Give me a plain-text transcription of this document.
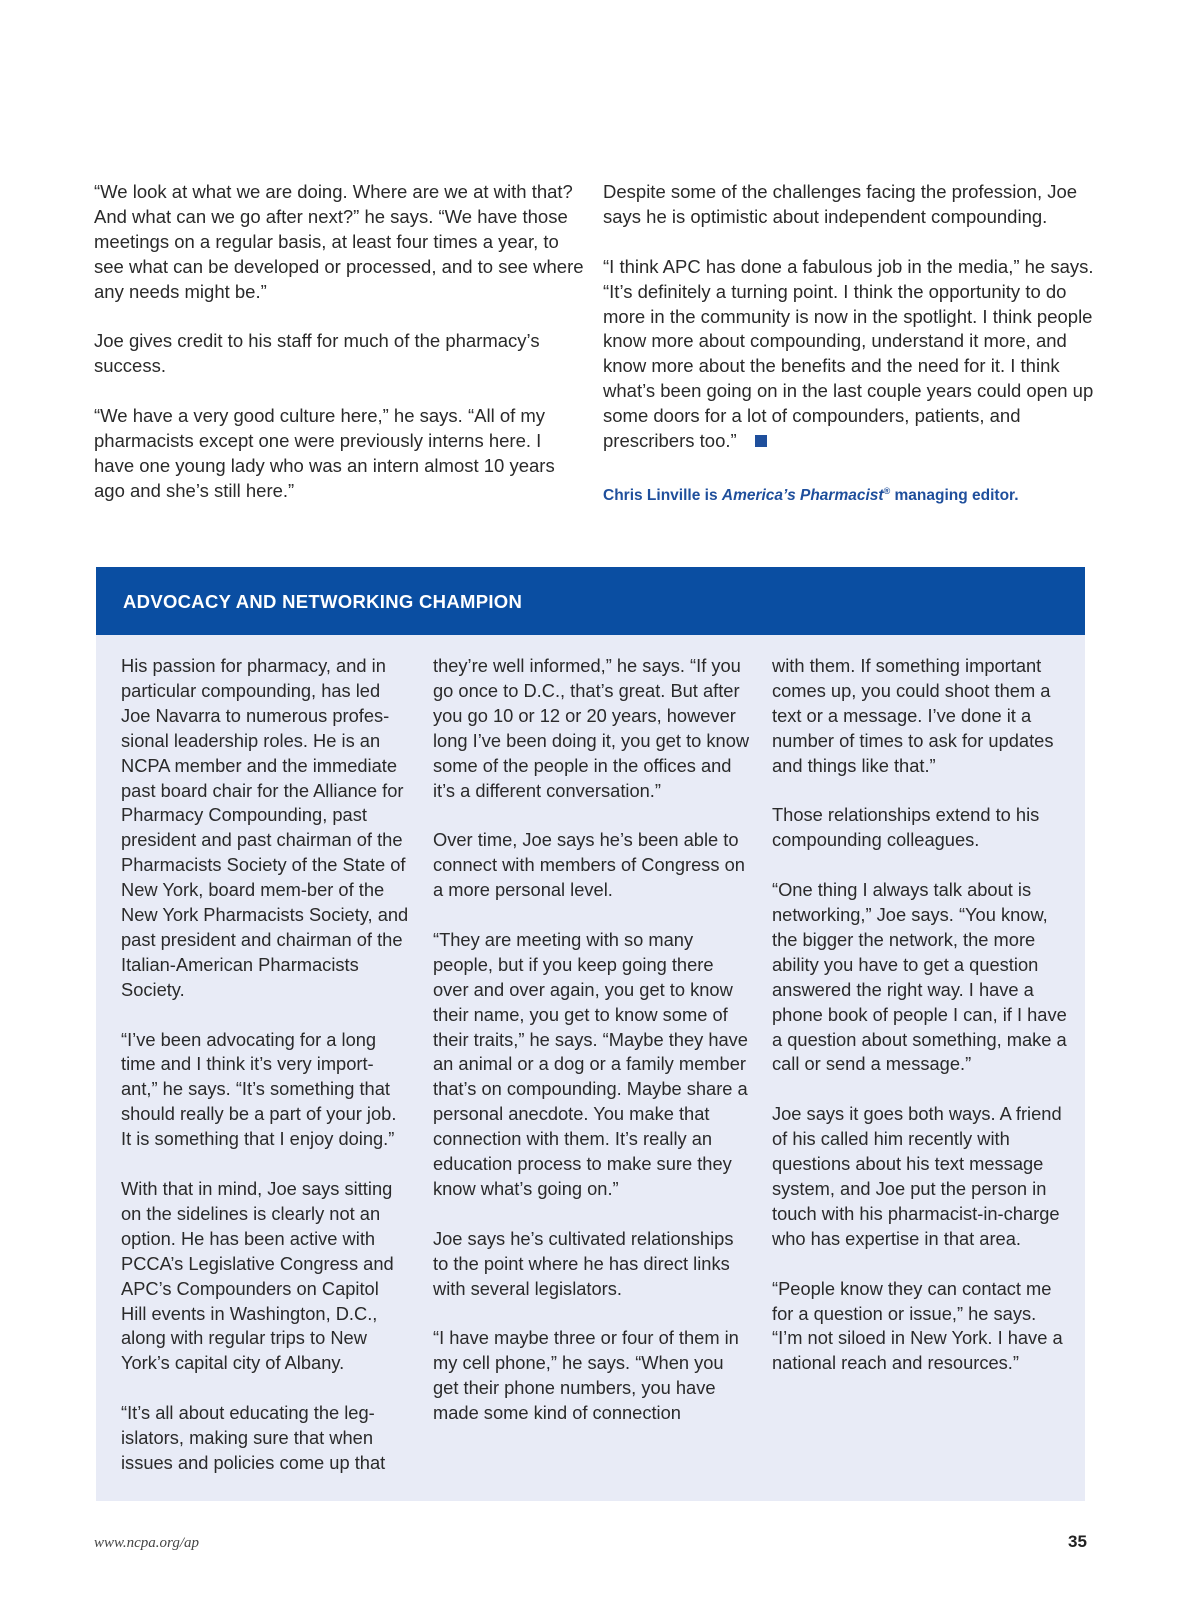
“We look at what we are doing. Where are we at with that? And what can we go after next?” he says. “We have those meetings on a regular basis, at least four times a year, to see what can be developed or processed, and to see where any needs might be.”

Joe gives credit to his staff for much of the pharmacy’s success.

“We have a very good culture here,” he says. “All of my pharmacists except one were previously interns here. I have one young lady who was an intern almost 10 years ago and she’s still here.”

Despite some of the challenges facing the profession, Joe says he is optimistic about independent compounding.

“I think APC has done a fabulous job in the media,” he says. “It’s definitely a turning point. I think the opportunity to do more in the community is now in the spotlight. I think people know more about compounding, understand it more, and know more about the benefits and the need for it. I think what’s been going on in the last couple years could open up some doors for a lot of compounders, patients, and prescribers too.”

Chris Linville is America’s Pharmacist® managing editor.

ADVOCACY AND NETWORKING CHAMPION

His passion for pharmacy, and in particular compounding, has led Joe Navarra to numerous profes-sional leadership roles. He is an NCPA member and the immediate past board chair for the Alliance for Pharmacy Compounding, past president and past chairman of the Pharmacists Society of the State of New York, board mem-ber of the New York Pharmacists Society, and past president and chairman of the Italian-American Pharmacists Society.

“I’ve been advocating for a long time and I think it’s very import-ant,” he says. “It’s something that should really be a part of your job. It is something that I enjoy doing.”

With that in mind, Joe says sitting on the sidelines is clearly not an option. He has been active with PCCA’s Legislative Congress and APC’s Compounders on Capitol Hill events in Washington, D.C., along with regular trips to New York’s capital city of Albany.

“It’s all about educating the leg-islators, making sure that when issues and policies come up that

they’re well informed,” he says. “If you go once to D.C., that’s great. But after you go 10 or 12 or 20 years, however long I’ve been doing it, you get to know some of the people in the offices and it’s a different conversation.”

Over time, Joe says he’s been able to connect with members of Congress on a more personal level.

“They are meeting with so many people, but if you keep going there over and over again, you get to know their name, you get to know some of their traits,” he says. “Maybe they have an animal or a dog or a family member that’s on compounding. Maybe share a personal anecdote. You make that connection with them. It’s really an education process to make sure they know what’s going on.”

Joe says he’s cultivated relationships to the point where he has direct links with several legislators.

“I have maybe three or four of them in my cell phone,” he says. “When you get their phone numbers, you have made some kind of connection

with them. If something important comes up, you could shoot them a text or a message. I’ve done it a number of times to ask for updates and things like that.”

Those relationships extend to his compounding colleagues.

“One thing I always talk about is networking,” Joe says. “You know, the bigger the network, the more ability you have to get a question answered the right way. I have a phone book of people I can, if I have a question about something, make a call or send a message.”

Joe says it goes both ways. A friend of his called him recently with questions about his text message system, and Joe put the person in touch with his pharmacist-in-charge who has expertise in that area.

“People know they can contact me for a question or issue,” he says. “I’m not siloed in New York. I have a national reach and resources.”

www.ncpa.org/ap	35
